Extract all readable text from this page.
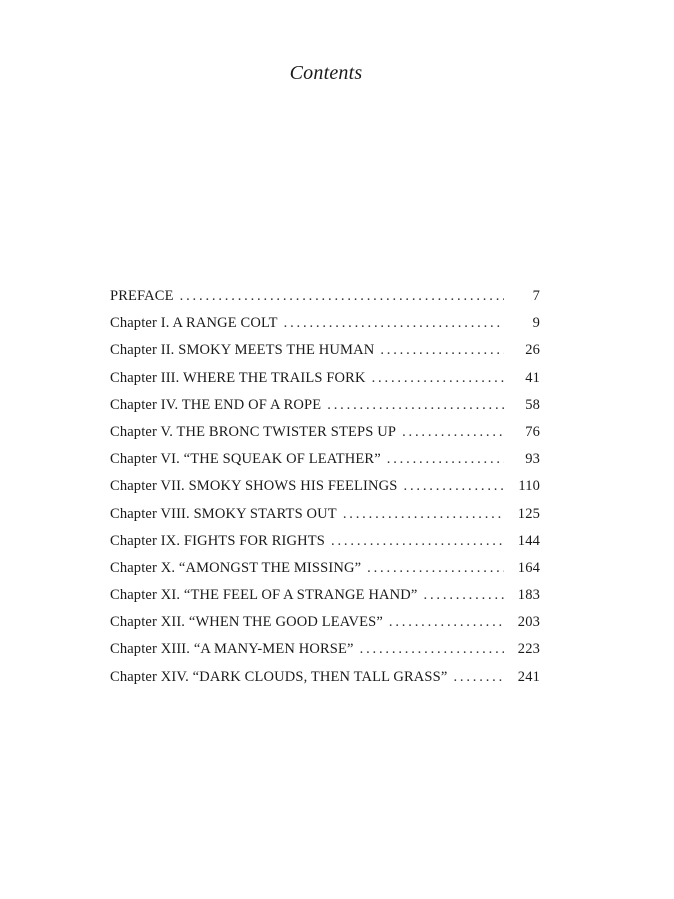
Contents
PREFACE . . .	7
Chapter I. A RANGE COLT . . .	9
Chapter II. SMOKY MEETS THE HUMAN . . .	26
Chapter III. WHERE THE TRAILS FORK . . .	41
Chapter IV. THE END OF A ROPE . . .	58
Chapter V. THE BRONC TWISTER STEPS UP . . .	76
Chapter VI. “THE SQUEAK OF LEATHER” . . .	93
Chapter VII. SMOKY SHOWS HIS FEELINGS . . .	110
Chapter VIII. SMOKY STARTS OUT . . .	125
Chapter IX. FIGHTS FOR RIGHTS . . .	144
Chapter X. “AMONGST THE MISSING” . . .	164
Chapter XI. “THE FEEL OF A STRANGE HAND” . . .	183
Chapter XII. “WHEN THE GOOD LEAVES” . . .	203
Chapter XIII. “A MANY-MEN HORSE” . . .	223
Chapter XIV. “DARK CLOUDS, THEN TALL GRASS” . . .	241
